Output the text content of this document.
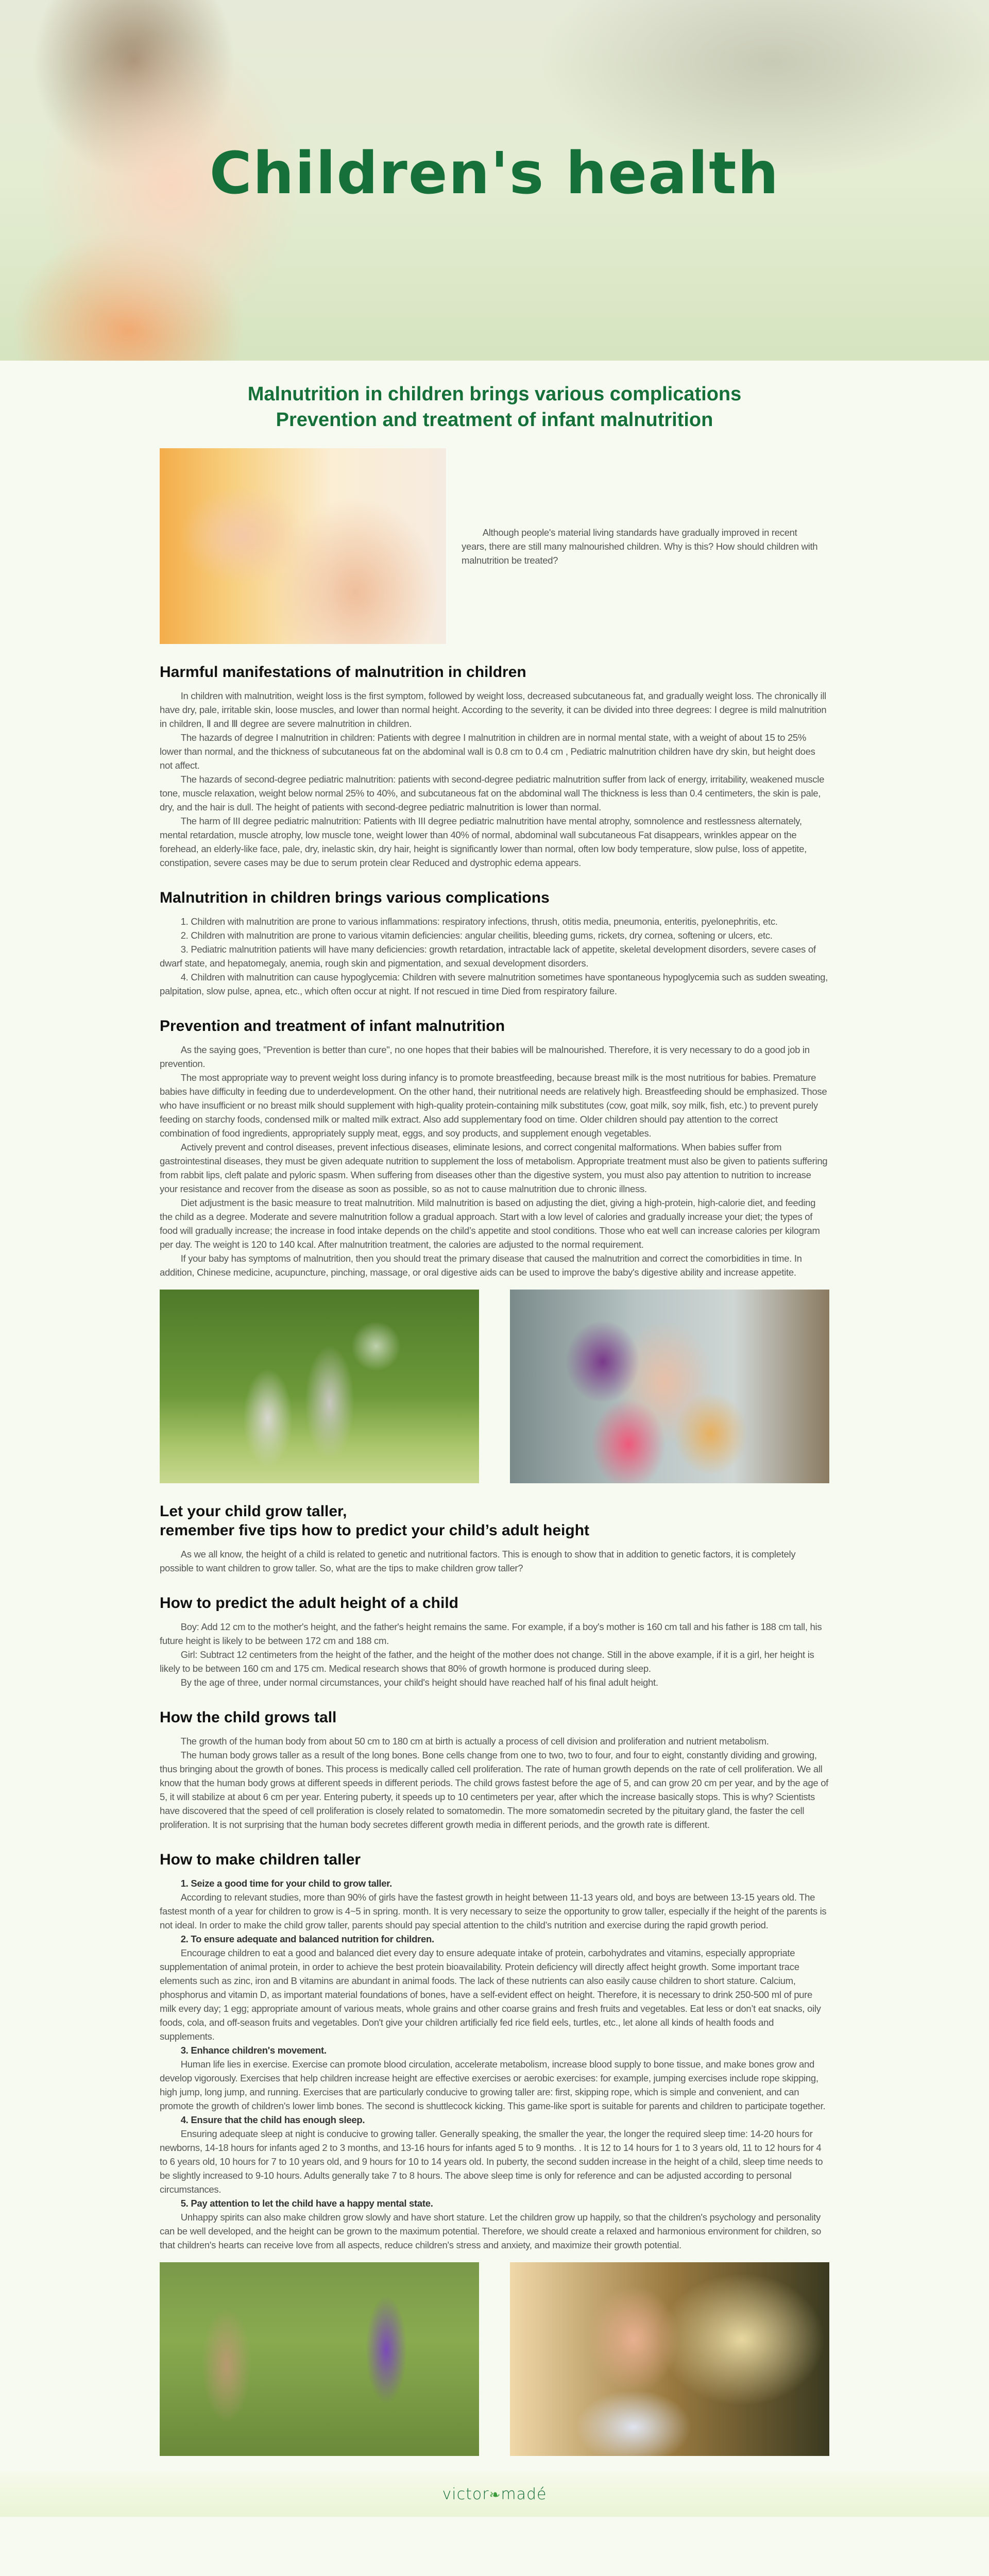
Children's health
Malnutrition in children brings various complications
Prevention and treatment of infant malnutrition

Although people's material living standards have gradually improved in recent years, there are still many malnourished children. Why is this? How should children with malnutrition be treated?

Harmful manifestations of malnutrition in children

In children with malnutrition, weight loss is the first symptom, followed by weight loss, decreased subcutaneous fat, and gradually weight loss. The chronically ill have dry, pale, irritable skin, loose muscles, and lower than normal height. According to the severity, it can be divided into three degrees: Ⅰ degree is mild malnutrition in children, Ⅱ and Ⅲ degree are severe malnutrition in children.

The hazards of degree I malnutrition in children: Patients with degree I malnutrition in children are in normal mental state, with a weight of about 15 to 25% lower than normal, and the thickness of subcutaneous fat on the abdominal wall is 0.8 cm to 0.4 cm , Pediatric malnutrition children have dry skin, but height does not affect.

The hazards of second-degree pediatric malnutrition: patients with second-degree pediatric malnutrition suffer from lack of energy, irritability, weakened muscle tone, muscle relaxation, weight below normal 25% to 40%, and subcutaneous fat on the abdominal wall The thickness is less than 0.4 centimeters, the skin is pale, dry, and the hair is dull. The height of patients with second-degree pediatric malnutrition is lower than normal.

The harm of III degree pediatric malnutrition: Patients with III degree pediatric malnutrition have mental atrophy, somnolence and restlessness alternately, mental retardation, muscle atrophy, low muscle tone, weight lower than 40% of normal, abdominal wall subcutaneous Fat disappears, wrinkles appear on the forehead, an elderly-like face, pale, dry, inelastic skin, dry hair, height is significantly lower than normal, often low body temperature, slow pulse, loss of appetite, constipation, severe cases may be due to serum protein clear Reduced and dystrophic edema appears.

Malnutrition in children brings various complications

1. Children with malnutrition are prone to various inflammations: respiratory infections, thrush, otitis media, pneumonia, enteritis, pyelonephritis, etc.

2. Children with malnutrition are prone to various vitamin deficiencies: angular cheilitis, bleeding gums, rickets, dry cornea, softening or ulcers, etc.

3. Pediatric malnutrition patients will have many deficiencies: growth retardation, intractable lack of appetite, skeletal development disorders, severe cases of dwarf state, and hepatomegaly, anemia, rough skin and pigmentation, and sexual development disorders.

4. Children with malnutrition can cause hypoglycemia: Children with severe malnutrition sometimes have spontaneous hypoglycemia such as sudden sweating, palpitation, slow pulse, apnea, etc., which often occur at night. If not rescued in time Died from respiratory failure.

Prevention and treatment of infant malnutrition

As the saying goes, "Prevention is better than cure", no one hopes that their babies will be malnourished. Therefore, it is very necessary to do a good job in prevention.

The most appropriate way to prevent weight loss during infancy is to promote breastfeeding, because breast milk is the most nutritious for babies. Premature babies have difficulty in feeding due to underdevelopment. On the other hand, their nutritional needs are relatively high. Breastfeeding should be emphasized. Those who have insufficient or no breast milk should supplement with high-quality protein-containing milk substitutes (cow, goat milk, soy milk, fish, etc.) to prevent purely feeding on starchy foods, condensed milk or malted milk extract. Also add supplementary food on time. Older children should pay attention to the correct combination of food ingredients, appropriately supply meat, eggs, and soy products, and supplement enough vegetables.

Actively prevent and control diseases, prevent infectious diseases, eliminate lesions, and correct congenital malformations. When babies suffer from gastrointestinal diseases, they must be given adequate nutrition to supplement the loss of metabolism. Appropriate treatment must also be given to patients suffering from rabbit lips, cleft palate and pyloric spasm. When suffering from diseases other than the digestive system, you must also pay attention to nutrition to increase your resistance and recover from the disease as soon as possible, so as not to cause malnutrition due to chronic illness.

Diet adjustment is the basic measure to treat malnutrition. Mild malnutrition is based on adjusting the diet, giving a high-protein, high-calorie diet, and feeding the child as a degree. Moderate and severe malnutrition follow a gradual approach. Start with a low level of calories and gradually increase your diet; the types of food will gradually increase; the increase in food intake depends on the child’s appetite and stool conditions. Those who eat well can increase calories per kilogram per day. The weight is 120 to 140 kcal. After malnutrition treatment, the calories are adjusted to the normal requirement.

If your baby has symptoms of malnutrition, then you should treat the primary disease that caused the malnutrition and correct the comorbidities in time. In addition, Chinese medicine, acupuncture, pinching, massage, or oral digestive aids can be used to improve the baby's digestive ability and increase appetite.

Let your child grow taller,
remember five tips how to predict your child’s adult height

As we all know, the height of a child is related to genetic and nutritional factors. This is enough to show that in addition to genetic factors, it is completely possible to want children to grow taller. So, what are the tips to make children grow taller?

How to predict the adult height of a child

Boy: Add 12 cm to the mother's height, and the father's height remains the same. For example, if a boy's mother is 160 cm tall and his father is 188 cm tall, his future height is likely to be between 172 cm and 188 cm.

Girl: Subtract 12 centimeters from the height of the father, and the height of the mother does not change. Still in the above example, if it is a girl, her height is likely to be between 160 cm and 175 cm. Medical research shows that 80% of growth hormone is produced during sleep.

By the age of three, under normal circumstances, your child's height should have reached half of his final adult height.

How the child grows tall

The growth of the human body from about 50 cm to 180 cm at birth is actually a process of cell division and proliferation and nutrient metabolism.

The human body grows taller as a result of the long bones. Bone cells change from one to two, two to four, and four to eight, constantly dividing and growing, thus bringing about the growth of bones. This process is medically called cell proliferation. The rate of human growth depends on the rate of cell proliferation. We all know that the human body grows at different speeds in different periods. The child grows fastest before the age of 5, and can grow 20 cm per year, and by the age of 5, it will stabilize at about 6 cm per year. Entering puberty, it speeds up to 10 centimeters per year, after which the increase basically stops. This is why? Scientists have discovered that the speed of cell proliferation is closely related to somatomedin. The more somatomedin secreted by the pituitary gland, the faster the cell proliferation. It is not surprising that the human body secretes different growth media in different periods, and the growth rate is different.

How to make children taller

1. Seize a good time for your child to grow taller.

According to relevant studies, more than 90% of girls have the fastest growth in height between 11-13 years old, and boys are between 13-15 years old. The fastest month of a year for children to grow is 4~5 in spring. month. It is very necessary to seize the opportunity to grow taller, especially if the height of the parents is not ideal. In order to make the child grow taller, parents should pay special attention to the child’s nutrition and exercise during the rapid growth period.

2. To ensure adequate and balanced nutrition for children.

Encourage children to eat a good and balanced diet every day to ensure adequate intake of protein, carbohydrates and vitamins, especially appropriate supplementation of animal protein, in order to achieve the best protein bioavailability. Protein deficiency will directly affect height growth. Some important trace elements such as zinc, iron and B vitamins are abundant in animal foods. The lack of these nutrients can also easily cause children to short stature. Calcium, phosphorus and vitamin D, as important material foundations of bones, have a self-evident effect on height. Therefore, it is necessary to drink 250-500 ml of pure milk every day; 1 egg; appropriate amount of various meats, whole grains and other coarse grains and fresh fruits and vegetables. Eat less or don’t eat snacks, oily foods, cola, and off-season fruits and vegetables. Don't give your children artificially fed rice field eels, turtles, etc., let alone all kinds of health foods and supplements.

3. Enhance children's movement.

Human life lies in exercise. Exercise can promote blood circulation, accelerate metabolism, increase blood supply to bone tissue, and make bones grow and develop vigorously. Exercises that help children increase height are effective exercises or aerobic exercises: for example, jumping exercises include rope skipping, high jump, long jump, and running. Exercises that are particularly conducive to growing taller are: first, skipping rope, which is simple and convenient, and can promote the growth of children's lower limb bones. The second is shuttlecock kicking. This game-like sport is suitable for parents and children to participate together.

4. Ensure that the child has enough sleep.

Ensuring adequate sleep at night is conducive to growing taller. Generally speaking, the smaller the year, the longer the required sleep time: 14-20 hours for newborns, 14-18 hours for infants aged 2 to 3 months, and 13-16 hours for infants aged 5 to 9 months. . It is 12 to 14 hours for 1 to 3 years old, 11 to 12 hours for 4 to 6 years old, 10 hours for 7 to 10 years old, and 9 hours for 10 to 14 years old. In puberty, the second sudden increase in the height of a child, sleep time needs to be slightly increased to 9-10 hours. Adults generally take 7 to 8 hours. The above sleep time is only for reference and can be adjusted according to personal circumstances.

5. Pay attention to let the child have a happy mental state.

Unhappy spirits can also make children grow slowly and have short stature. Let the children grow up happily, so that the children's psychology and personality can be well developed, and the height can be grown to the maximum potential. Therefore, we should create a relaxed and harmonious environment for children, so that children's hearts can receive love from all aspects, reduce children's stress and anxiety, and maximize their growth potential.

victor❧madé
